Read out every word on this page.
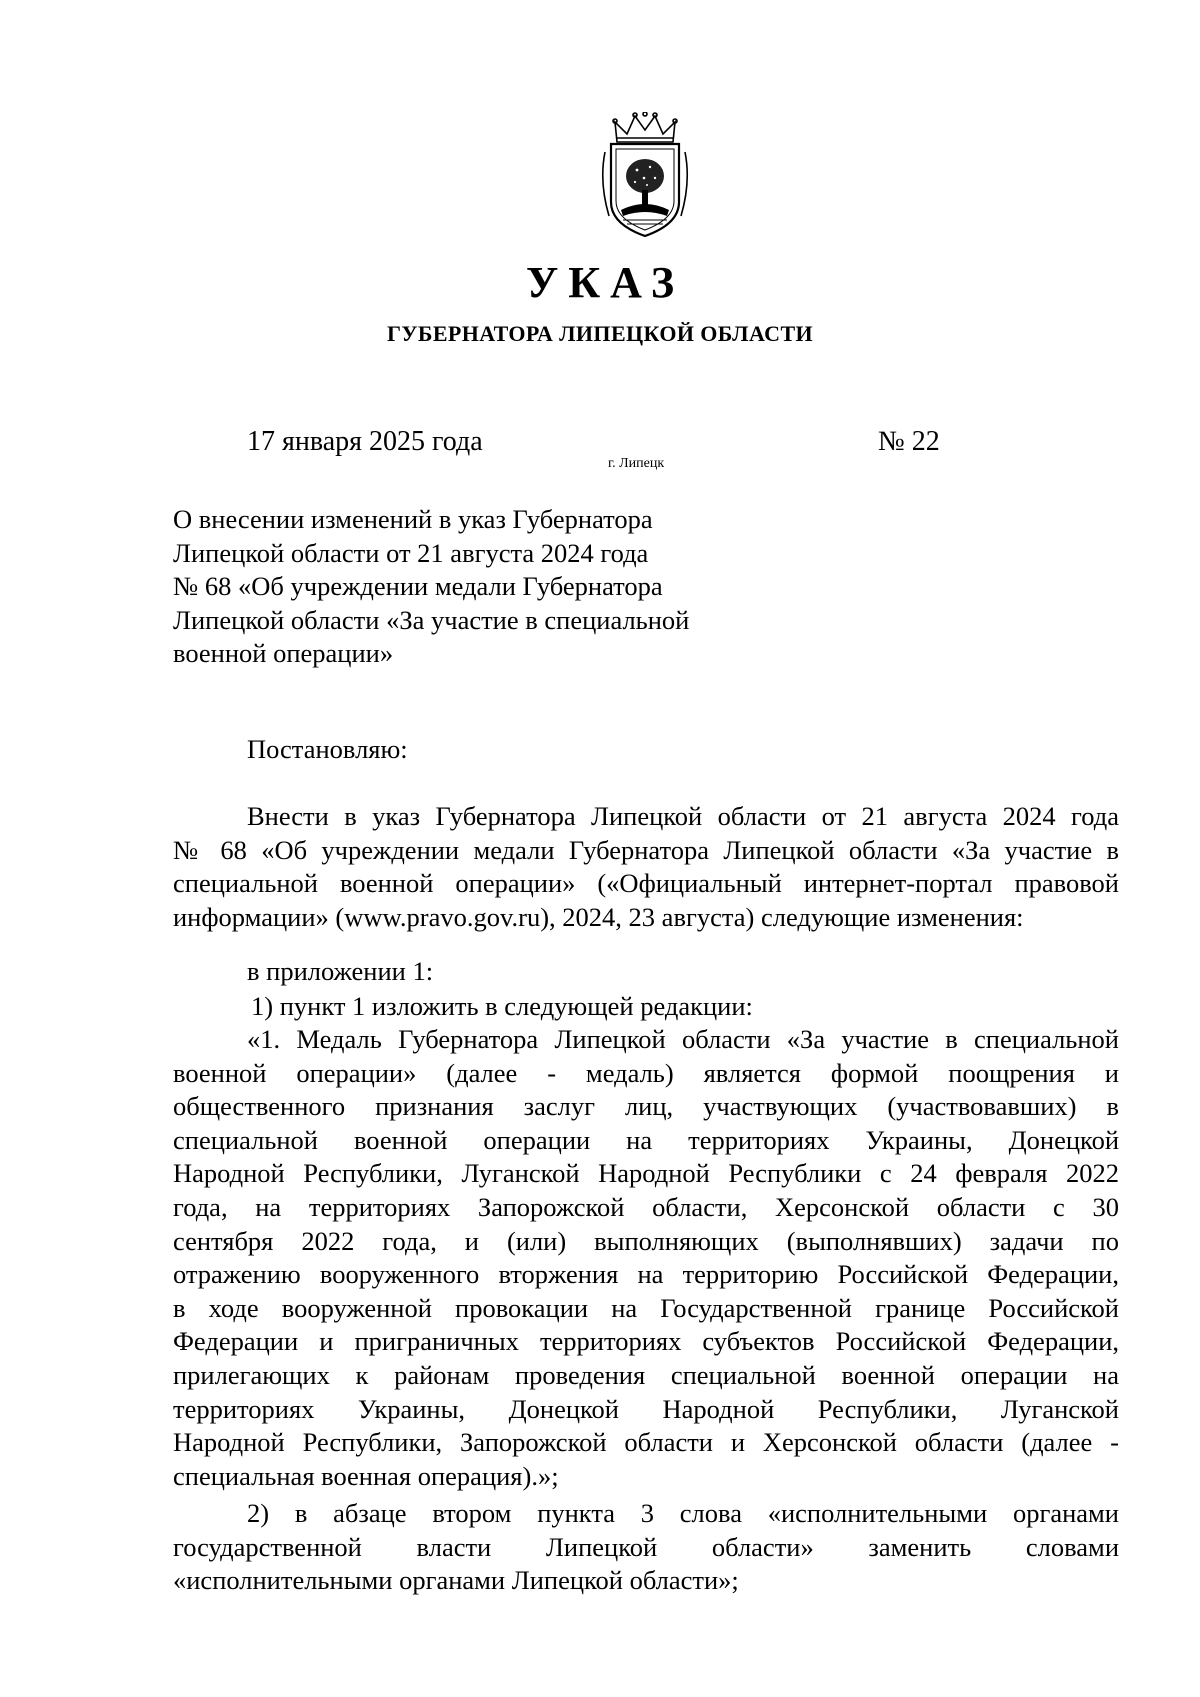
УКАЗ
ГУБЕРНАТОРА ЛИПЕЦКОЙ ОБЛАСТИ
17 января 2025 года
г. Липецк
№ 22
О внесении изменений в указ Губернатора
Липецкой области от 21 августа 2024 года
№ 68 «Об учреждении медали Губернатора
Липецкой области «За участие в специальной
военной операции»
Постановляю:
Внести в указ Губернатора Липецкой области от 21 августа 2024 года
№ 68 «Об учреждении медали Губернатора Липецкой области «За участие в
специальной военной операции» («Официальный интернет-портал правовой
информации» (www.pravo.gov.ru), 2024, 23 августа) следующие изменения:
в приложении 1:
1) пункт 1 изложить в следующей редакции:
«1. Медаль Губернатора Липецкой области «За участие в специальной
военной операции» (далее - медаль) является формой поощрения и
общественного признания заслуг лиц, участвующих (участвовавших) в
специальной военной операции на территориях Украины, Донецкой
Народной Республики, Луганской Народной Республики с 24 февраля 2022
года, на территориях Запорожской области, Херсонской области с 30
сентября 2022 года, и (или) выполняющих (выполнявших) задачи по
отражению вооруженного вторжения на территорию Российской Федерации,
в ходе вооруженной провокации на Государственной границе Российской
Федерации и приграничных территориях субъектов Российской Федерации,
прилегающих к районам проведения специальной военной операции на
территориях Украины, Донецкой Народной Республики, Луганской
Народной Республики, Запорожской области и Херсонской области (далее -
специальная военная операция).»;
2) в абзаце втором пункта 3 слова «исполнительными органами
государственной власти Липецкой области» заменить словами
«исполнительными органами Липецкой области»;
